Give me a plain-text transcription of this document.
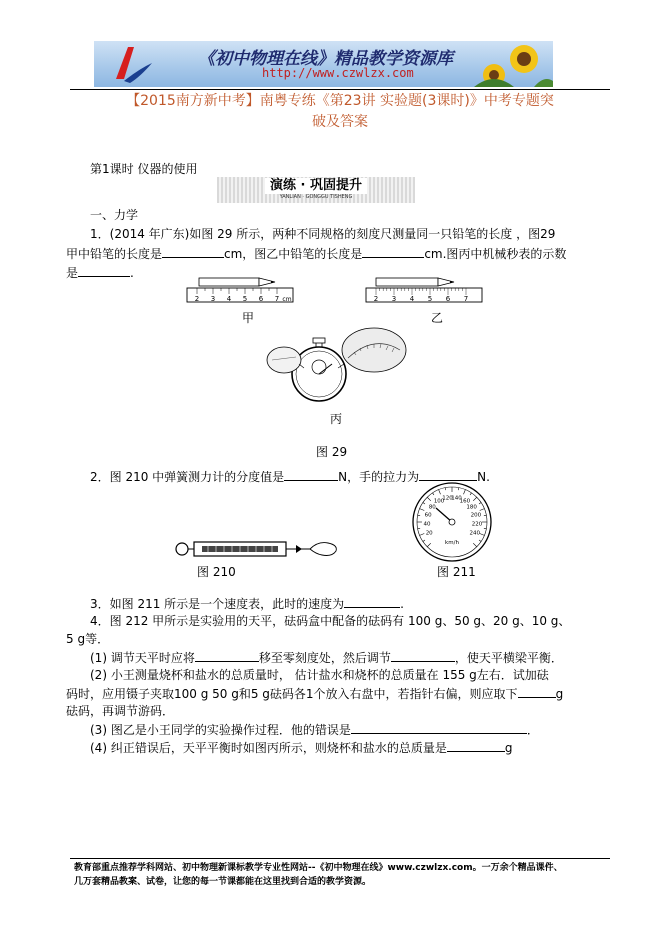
《初中物理在线》精品教学资源库
http://www.czwlzx.com
【2015南方新中考】南粤专练《第23讲 实验题(3课时)》中考专题突
破及答案
第1课时 仪器的使用
演练 · 巩固提升
YANLIAN · GONGGU TISHENG
一、力学
1．(2014 年广东)如图 29 所示，两种不同规格的刻度尺测量同一只铅笔的长度 ，图29
甲中铅笔的长度是	cm，图乙中铅笔的长度是	cm.图丙中机械秒表的示数
是	.
2 3 4 5 6 7 cm
甲
2 3 4 5 6 7
乙
丙
图 29
2．图 210 中弹簧测力计的分度值是	N，手的拉力为	N.
图 210
20
40
60
80
100
120
140
160
180
200
220
240
km/h
图 211
3．如图 211 所示是一个速度表，此时的速度为	.
4．图 212 甲所示是实验用的天平，砝码盒中配备的砝码有 100 g、50 g、20 g、10 g、
5 g等．
(1) 调节天平时应将	移至零刻度处，然后调节	，使天平横梁平衡．
(2) 小王测量烧杯和盐水的总质量时， 估计盐水和烧杯的总质量在 155 g左右．试加砝
码时，应用镊子夹取100 g 50 g和5 g砝码各1个放入右盘中，若指针右偏，则应取下	g
砝码，再调节游码．
(3) 图乙是小王同学的实验操作过程．他的错误是	．
(4) 纠正错误后，天平平衡时如图丙所示，则烧杯和盐水的总质量是	g
教育部重点推荐学科网站、初中物理新课标教学专业性网站--《初中物理在线》www.czwlzx.com。一万余个精品课件、
几万套精品教案、试卷，让您的每一节课都能在这里找到合适的教学资源。
